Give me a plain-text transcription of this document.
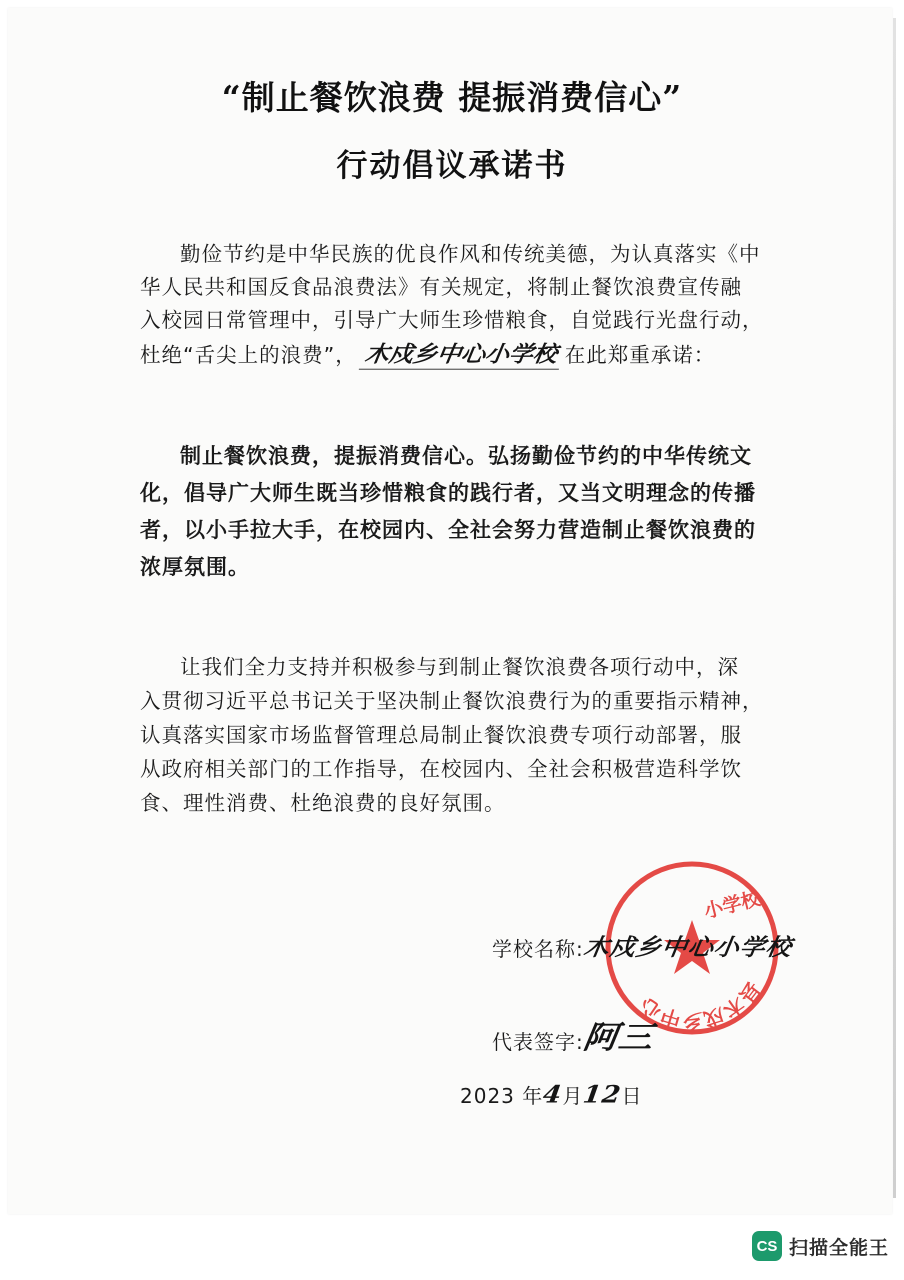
“制止餐饮浪费 提振消费信心”
行动倡议承诺书
勤俭节约是中华民族的优良作风和传统美德，为认真落实《中
华人民共和国反食品浪费法》有关规定，将制止餐饮浪费宣传融
入校园日常管理中，引导广大师生珍惜粮食，自觉践行光盘行动，
杜绝“舌尖上的浪费”， 木戍乡中心小学校 在此郑重承诺：
制止餐饮浪费，提振消费信心。弘扬勤俭节约的中华传统文
化，倡导广大师生既当珍惜粮食的践行者，又当文明理念的传播
者，以小手拉大手，在校园内、全社会努力营造制止餐饮浪费的
浓厚氛围。
让我们全力支持并积极参与到制止餐饮浪费各项行动中，深
入贯彻习近平总书记关于坚决制止餐饮浪费行为的重要指示精神，
认真落实国家市场监督管理总局制止餐饮浪费专项行动部署，服
从政府相关部门的工作指导，在校园内、全社会积极营造科学饮
食、理性消费、杜绝浪费的良好氛围。
县木戍乡中心
小学校
学校名称:木戍乡中心小学校
代表签字:阿三
2023 年4月12日
CS 扫描全能王
